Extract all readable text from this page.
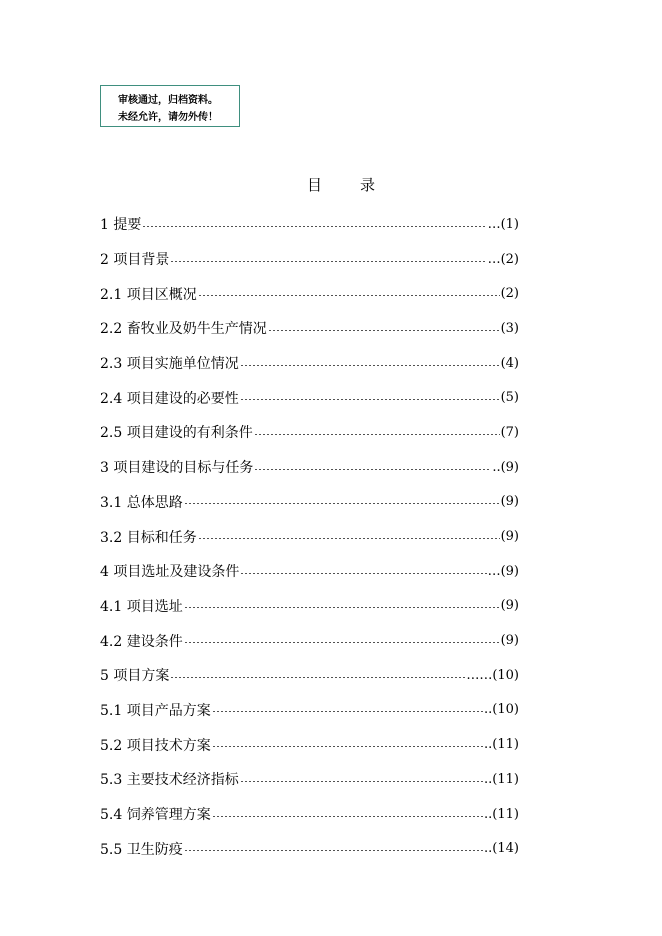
审核通过，归档资料。
未经允许，请勿外传！
目	录
1 提要	…(1)
2 项目背景	…(2)
2.1 项目区概况	(2)
2.2 畜牧业及奶牛生产情况	(3)
2.3 项目实施单位情况	(4)
2.4 项目建设的必要性	(5)
2.5 项目建设的有利条件	(7)
3 项目建设的目标与任务	..(9)
3.1 总体思路	(9)
3.2 目标和任务	(9)
4 项目选址及建设条件	…(9)
4.1 项目选址	(9)
4.2 建设条件	(9)
5 项目方案	……(10)
5.1 项目产品方案	..(10)
5.2 项目技术方案	..(11)
5.3 主要技术经济指标	..(11)
5.4 饲养管理方案	..(11)
5.5 卫生防疫	..(14)
